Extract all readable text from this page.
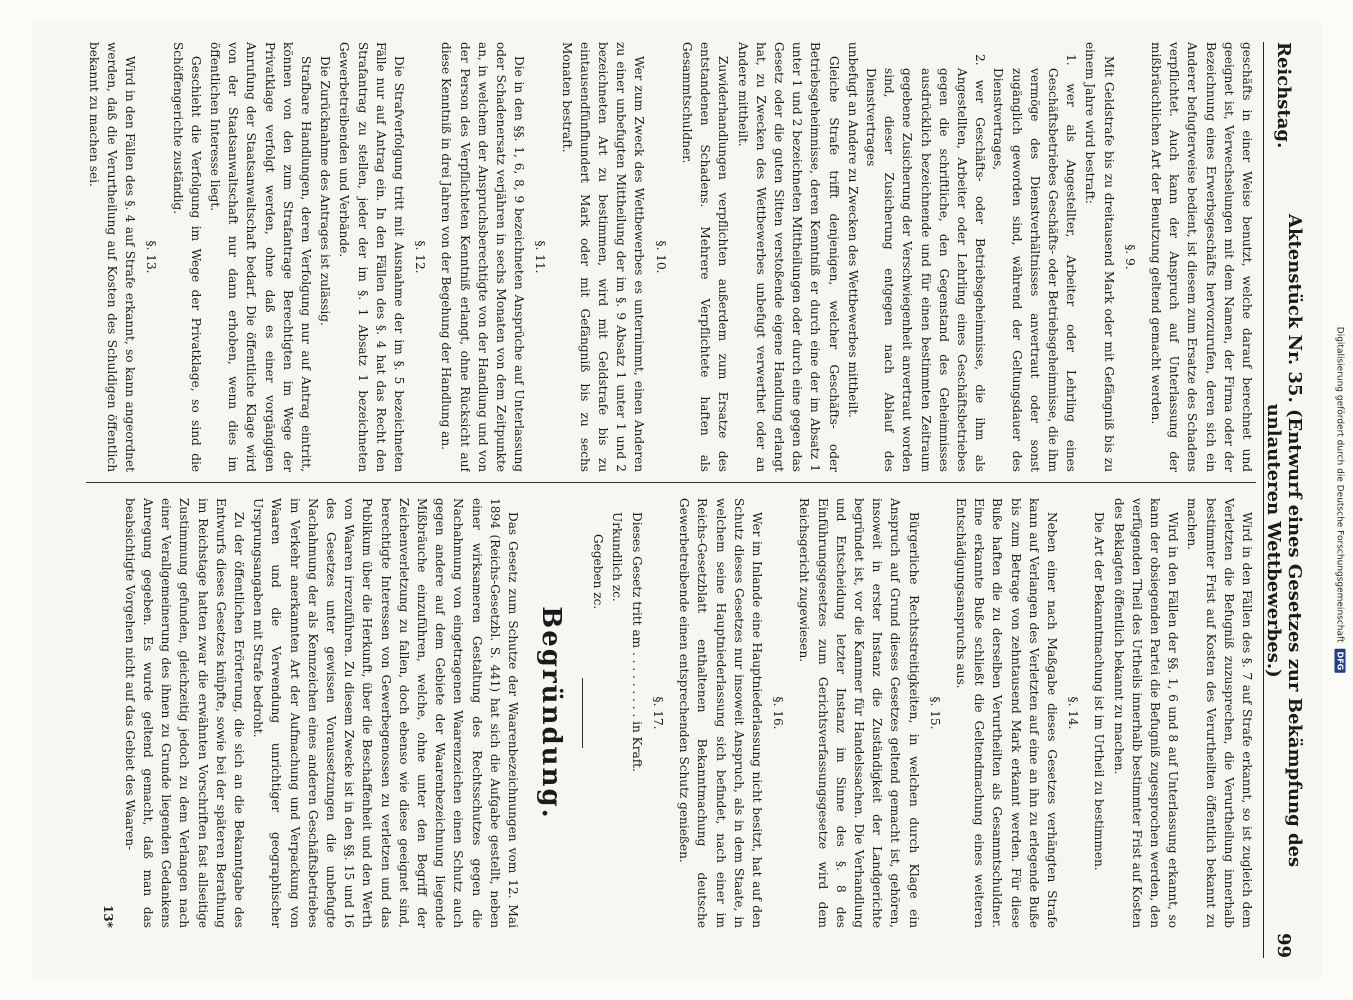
Reichstag.
Aktenstück Nr. 35. (Entwurf eines Gesetzes zur Bekämpfung des unlauteren Wettbewerbes.)
99

geschäfts in einer Weise benutzt, welche darauf berechnet und geeignet ist, Verwechselungen mit dem Namen, der Firma oder der Bezeichnung eines Erwerbsgeschäfts hervorzurufen, deren sich ein Anderer befugterweise bedient, ist diesem zum Ersatze des Schadens verpflichtet. Auch kann der Anspruch auf Unterlassung der mißbräuchlichen Art der Benutzung geltend gemacht werden.

§. 9.

Mit Geldstrafe bis zu dreitausend Mark oder mit Gefängniß bis zu einem Jahre wird bestraft:

1. wer als Angestellter, Arbeiter oder Lehrling eines Geschäftsbetriebes Geschäfts- oder Betriebsgeheimnisse, die ihm vermöge des Dienstverhältnisses anvertraut oder sonst zugänglich geworden sind, während der Geltungsdauer des Dienstvertrages,

2. wer Geschäfts- oder Betriebsgeheimnisse, die ihm als Angestellten, Arbeiter oder Lehrling eines Geschäftsbetriebes gegen die schriftliche, den Gegenstand des Geheimnisses ausdrücklich bezeichnende und für einen bestimmten Zeitraum gegebene Zusicherung der Verschwiegenheit anvertraut worden sind, dieser Zusicherung entgegen nach Ablauf des Dienstvertrages

unbefugt an Andere zu Zwecken des Wettbewerbes mittheilt.

Gleiche Strafe trifft denjenigen, welcher Geschäfts- oder Betriebsgeheimnisse, deren Kenntniß er durch eine der im Absatz 1 unter 1 und 2 bezeichneten Mittheilungen oder durch eine gegen das Gesetz oder die guten Sitten verstoßende eigene Handlung erlangt hat, zu Zwecken des Wettbewerbes unbefugt verwerthet oder an Andere mittheilt.

Zuwiderhandlungen verpflichten außerdem zum Ersatze des entstandenen Schadens. Mehrere Verpflichtete haften als Gesammtschuldner.

§. 10.

Wer zum Zweck des Wettbewerbes es unternimmt, einen Anderen zu einer unbefugten Mittheilung der im §. 9 Absatz 1 unter 1 und 2 bezeichneten Art zu bestimmen, wird mit Geldstrafe bis zu eintausendfünfhundert Mark oder mit Gefängniß bis zu sechs Monaten bestraft.

§. 11.

Die in den §§. 1, 6, 8, 9 bezeichneten Ansprüche auf Unterlassung oder Schadenersatz verjähren in sechs Monaten von dem Zeitpunkte an, in welchem der Anspruchsberechtigte von der Handlung und von der Person des Verpflichteten Kenntniß erlangt, ohne Rücksicht auf diese Kenntniß in drei Jahren von der Begehung der Handlung an.

§. 12.

Die Strafverfolgung tritt mit Ausnahme der im §. 5 bezeichneten Fälle nur auf Antrag ein. In den Fällen des §. 4 hat das Recht den Strafantrag zu stellen, jeder der im §. 1 Absatz 1 bezeichneten Gewerbetreibenden und Verbände.

Die Zurücknahme des Antrages ist zulässig.

Strafbare Handlungen, deren Verfolgung nur auf Antrag eintritt, können von den zum Strafantrage Berechtigten im Wege der Privatklage verfolgt werden, ohne daß es einer vorgängigen Anrufung der Staatsanwaltschaft bedarf. Die öffentliche Klage wird von der Staatsanwaltschaft nur dann erhoben, wenn dies im öffentlichen Interesse liegt.

Geschieht die Verfolgung im Wege der Privatklage, so sind die Schöffengerichte zuständig.

§. 13.

Wird in den Fällen des §. 4 auf Strafe erkannt, so kann angeordnet werden, daß die Verurtheilung auf Kosten des Schuldigen öffentlich bekannt zu machen sei.

Wird in den Fällen des §. 7 auf Strafe erkannt, so ist zugleich dem Verletzten die Befugniß zuzusprechen, die Verurtheilung innerhalb bestimmter Frist auf Kosten des Verurtheilten öffentlich bekannt zu machen.

Wird in den Fällen der §§. 1, 6 und 8 auf Unterlassung erkannt, so kann der obsiegenden Partei die Befugniß zugesprochen werden, den verfügenden Theil des Urtheils innerhalb bestimmter Frist auf Kosten des Beklagten öffentlich bekannt zu machen.

Die Art der Bekanntmachung ist im Urtheil zu bestimmen.

§. 14.

Neben einer nach Maßgabe dieses Gesetzes verhängten Strafe kann auf Verlangen des Verletzten auf eine an ihn zu erlegende Buße bis zum Betrage von zehntausend Mark erkannt werden. Für diese Buße haften die zu derselben Verurtheilten als Gesammtschuldner. Eine erkannte Buße schließt die Geltendmachung eines weiteren Entschädigungsanspruchs aus.

§. 15.

Bürgerliche Rechtsstreitigkeiten, in welchen durch Klage ein Anspruch auf Grund dieses Gesetzes geltend gemacht ist, gehören, insoweit in erster Instanz die Zuständigkeit der Landgerichte begründet ist, vor die Kammer für Handelssachen. Die Verhandlung und Entscheidung letzter Instanz im Sinne des §. 8 des Einführungsgesetzes zum Gerichtsverfassungsgesetze wird dem Reichsgericht zugewiesen.

§. 16.

Wer im Inlande eine Hauptniederlassung nicht besitzt, hat auf den Schutz dieses Gesetzes nur insoweit Anspruch, als in dem Staate, in welchem seine Hauptniederlassung sich befindet, nach einer im Reichs-Gesetzblatt enthaltenen Bekanntmachung deutsche Gewerbetreibende einen entsprechenden Schutz genießen.

§. 17.

Dieses Gesetz tritt am . . . . . . . . . in Kraft.

Urkundlich zc.

Gegeben zc.

Begründung.

Das Gesetz zum Schutze der Waarenbezeichnungen vom 12. Mai 1894 (Reichs-Gesetzbl. S. 441) hat sich die Aufgabe gestellt, neben einer wirksameren Gestaltung des Rechtsschutzes gegen die Nachahmung von eingetragenen Waarenzeichen einen Schutz auch gegen andere auf dem Gebiete der Waarenbezeichnung liegende Mißbräuche einzuführen, welche, ohne unter den Begriff der Zeichenverletzung zu fallen, doch ebenso wie diese geeignet sind, berechtigte Interessen von Gewerbegenossen zu verletzen und das Publikum über die Herkunft, über die Beschaffenheit und den Werth von Waaren irrezuführen. Zu diesem Zwecke ist in den §§. 15 und 16 des Gesetzes unter gewissen Voraussetzungen die unbefugte Nachahmung der als Kennzeichen eines anderen Geschäftsbetriebes im Verkehr anerkannten Art der Aufmachung und Verpackung von Waaren und die Verwendung unrichtiger geographischer Ursprungsangaben mit Strafe bedroht.

Zu der öffentlichen Erörterung, die sich an die Bekanntgabe des Entwurfs dieses Gesetzes knüpfte, sowie bei der späteren Berathung im Reichstage hatten zwar die erwähnten Vorschriften fast allseitige Zustimmung gefunden, gleichzeitig jedoch zu dem Verlangen nach einer Verallgemeinerung des ihnen zu Grunde liegenden Gedankens Anregung gegeben. Es wurde geltend gemacht, daß man das beabsichtigte Vorgehen nicht auf das Gebiet des Waaren-

13*
Digitalisierung gefördert durch die Deutsche Forschungsgemeinschaft
DFG
